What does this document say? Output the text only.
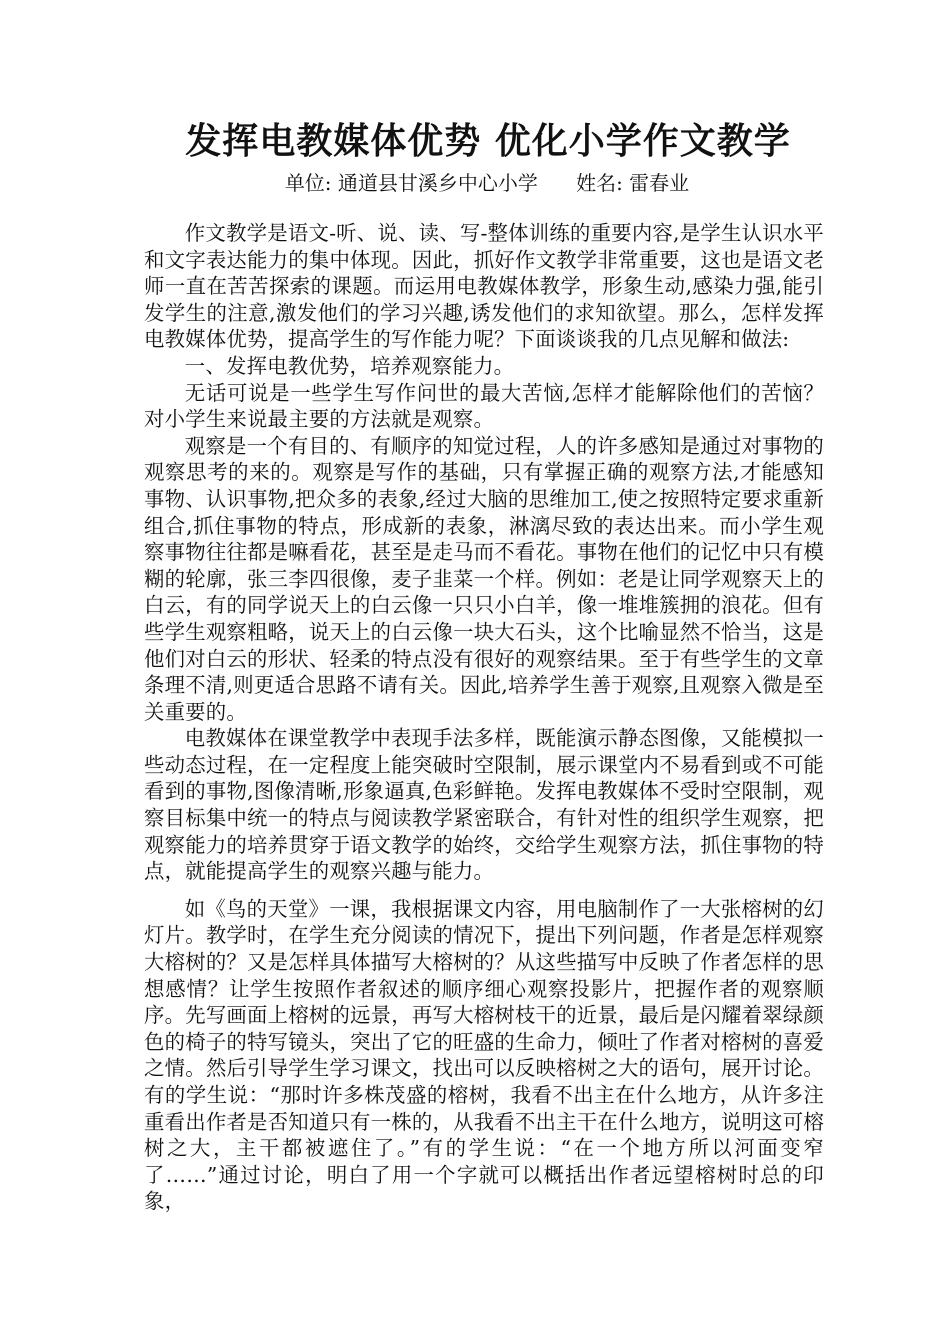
发挥电教媒体优势 优化小学作文教学
单位: 通道县甘溪乡中心小学 姓名: 雷春业

作文教学是语文-听、说、读、写-整体训练的重要内容,是学生认识水平和文字表达能力的集中体现。因此，抓好作文教学非常重要，这也是语文老师一直在苦苦探索的课题。而运用电教媒体教学，形象生动,感染力强,能引发学生的注意,激发他们的学习兴趣,诱发他们的求知欲望。那么，怎样发挥电教媒体优势，提高学生的写作能力呢？下面谈谈我的几点见解和做法:

一、发挥电教优势，培养观察能力。

无话可说是一些学生写作问世的最大苦恼,怎样才能解除他们的苦恼？对小学生来说最主要的方法就是观察。

观察是一个有目的、有顺序的知觉过程，人的许多感知是通过对事物的观察思考的来的。观察是写作的基础，只有掌握正确的观察方法,才能感知事物、认识事物,把众多的表象,经过大脑的思维加工,使之按照特定要求重新组合,抓住事物的特点，形成新的表象，淋漓尽致的表达出来。而小学生观察事物往往都是嘛看花，甚至是走马而不看花。事物在他们的记忆中只有模糊的轮廓，张三李四很像，麦子韭菜一个样。例如：老是让同学观察天上的白云，有的同学说天上的白云像一只只小白羊，像一堆堆簇拥的浪花。但有些学生观察粗略，说天上的白云像一块大石头，这个比喻显然不恰当，这是他们对白云的形状、轻柔的特点没有很好的观察结果。至于有些学生的文章条理不清,则更适合思路不请有关。因此,培养学生善于观察,且观察入微是至关重要的。

电教媒体在课堂教学中表现手法多样，既能演示静态图像，又能模拟一些动态过程，在一定程度上能突破时空限制，展示课堂内不易看到或不可能看到的事物,图像清晰,形象逼真,色彩鲜艳。发挥电教媒体不受时空限制，观察目标集中统一的特点与阅读教学紧密联合，有针对性的组织学生观察，把观察能力的培养贯穿于语文教学的始终，交给学生观察方法，抓住事物的特点，就能提高学生的观察兴趣与能力。

如《鸟的天堂》一课，我根据课文内容，用电脑制作了一大张榕树的幻灯片。教学时，在学生充分阅读的情况下，提出下列问题，作者是怎样观察大榕树的？又是怎样具体描写大榕树的？从这些描写中反映了作者怎样的思想感情？让学生按照作者叙述的顺序细心观察投影片，把握作者的观察顺序。先写画面上榕树的远景，再写大榕树枝干的近景，最后是闪耀着翠绿颜色的椅子的特写镜头，突出了它的旺盛的生命力，倾吐了作者对榕树的喜爱之情。然后引导学生学习课文，找出可以反映榕树之大的语句，展开讨论。有的学生说：“那时许多株茂盛的榕树，我看不出主在什么地方，从许多注重看出作者是否知道只有一株的，从我看不出主干在什么地方，说明这可榕树之大，主干都被遮住了。”有的学生说：“在一个地方所以河面变窄了……”通过讨论，明白了用一个字就可以概括出作者远望榕树时总的印象，
